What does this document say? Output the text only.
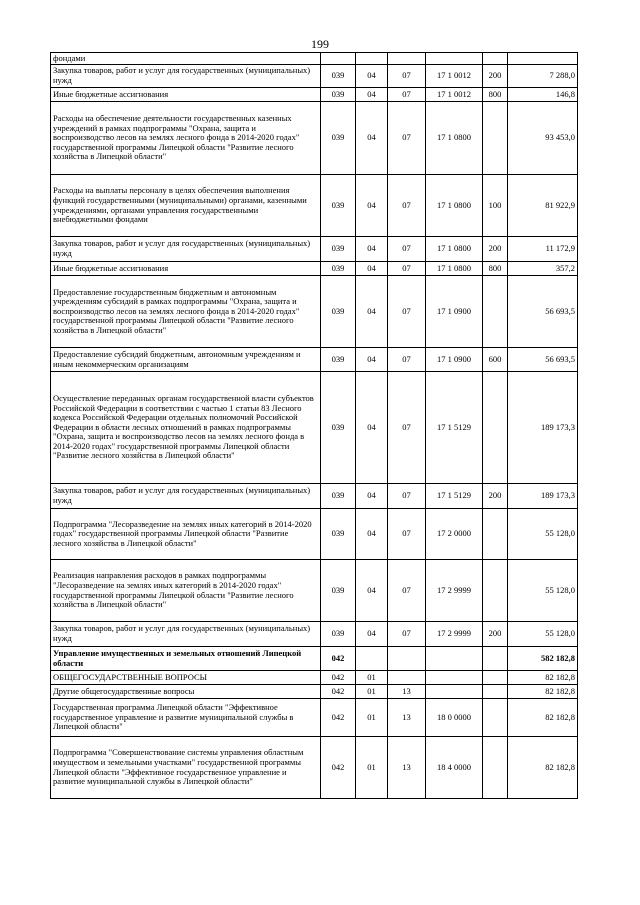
199
фондами						
Закупка товаров, работ и услуг для государственных (муниципальных) нужд	039	04	07	17 1 0012	200	7 288,0
Иные бюджетные ассигнования	039	04	07	17 1 0012	800	146,8
Расходы на обеспечение деятельности государственных казенных учреждений в рамках подпрограммы "Охрана, защита и воспроизводство лесов на землях лесного фонда в 2014-2020 годах" государственной программы Липецкой области "Развитие лесного хозяйства в Липецкой области"	039	04	07	17 1 0800		93 453,0
Расходы на выплаты персоналу в целях обеспечения выполнения функций государственными (муниципальными) органами, казенными учреждениями, органами управления государственными внебюджетными фондами	039	04	07	17 1 0800	100	81 922,9
Закупка товаров, работ и услуг для государственных (муниципальных) нужд	039	04	07	17 1 0800	200	11 172,9
Иные бюджетные ассигнования	039	04	07	17 1 0800	800	357,2
Предоставление государственным бюджетным и автономным учреждениям субсидий в рамках подпрограммы "Охрана, защита и воспроизводство лесов на землях лесного фонда в 2014-2020 годах" государственной программы Липецкой области "Развитие лесного хозяйства в Липецкой области"	039	04	07	17 1 0900		56 693,5
Предоставление субсидий бюджетным, автономным учреждениям и иным некоммерческим организациям	039	04	07	17 1 0900	600	56 693,5
Осуществление переданных органам государственной власти субъектов Российской Федерации в соответствии с частью 1 статьи 83 Лесного кодекса Российской Федерации отдельных полномочий Российской Федерации в области лесных отношений в рамках подпрограммы "Охрана, защита и воспроизводство лесов на землях лесного фонда в 2014-2020 годах" государственной программы Липецкой области "Развитие лесного хозяйства в Липецкой области"	039	04	07	17 1 5129		189 173,3
Закупка товаров, работ и услуг для государственных (муниципальных) нужд	039	04	07	17 1 5129	200	189 173,3
Подпрограмма "Лесоразведение на землях иных категорий в 2014-2020 годах" государственной программы Липецкой области "Развитие лесного хозяйства в Липецкой области"	039	04	07	17 2 0000		55 128,0
Реализация направления расходов в рамках подпрограммы "Лесоразведение на землях иных категорий в 2014-2020 годах" государственной программы Липецкой области "Развитие лесного хозяйства в Липецкой области"	039	04	07	17 2 9999		55 128,0
Закупка товаров, работ и услуг для государственных (муниципальных) нужд	039	04	07	17 2 9999	200	55 128,0
Управление имущественных и земельных отношений Липецкой области	042					582 182,8
ОБЩЕГОСУДАРСТВЕННЫЕ ВОПРОСЫ	042	01				82 182,8
Другие общегосударственные вопросы	042	01	13			82 182,8
Государственная программа Липецкой области "Эффективное государственное управление и развитие муниципальной службы в Липецкой области"	042	01	13	18 0 0000		82 182,8
Подпрограмма "Совершенствование системы управления областным имуществом и земельными участками" государственной программы Липецкой области "Эффективное государственное управление и развитие муниципальной службы в Липецкой области"	042	01	13	18 4 0000		82 182,8
